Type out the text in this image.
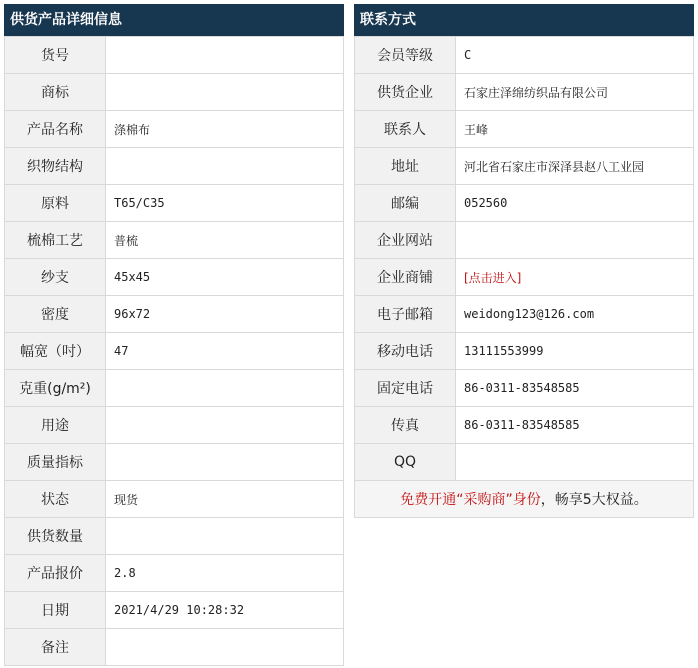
供货产品详细信息
货号	
商标	
产品名称	涤棉布
织物结构	
原料	T65/C35
梳棉工艺	普梳
纱支	45x45
密度	96x72
幅宽（吋）	47
克重(g/m²)	
用途	
质量指标	
状态	现货
供货数量	
产品报价	2.8
日期	2021/4/29 10:28:32
备注	
联系方式
会员等级	C
供货企业	石家庄泽绵纺织品有限公司
联系人	王峰
地址	河北省石家庄市深泽县赵八工业园
邮编	052560
企业网站	
企业商铺	[点击进入]
电子邮箱	weidong123@126.com
移动电话	13111553999
固定电话	86-0311-83548585
传真	86-0311-83548585
QQ	
免费开通“采购商”身份，畅享5大权益。	
